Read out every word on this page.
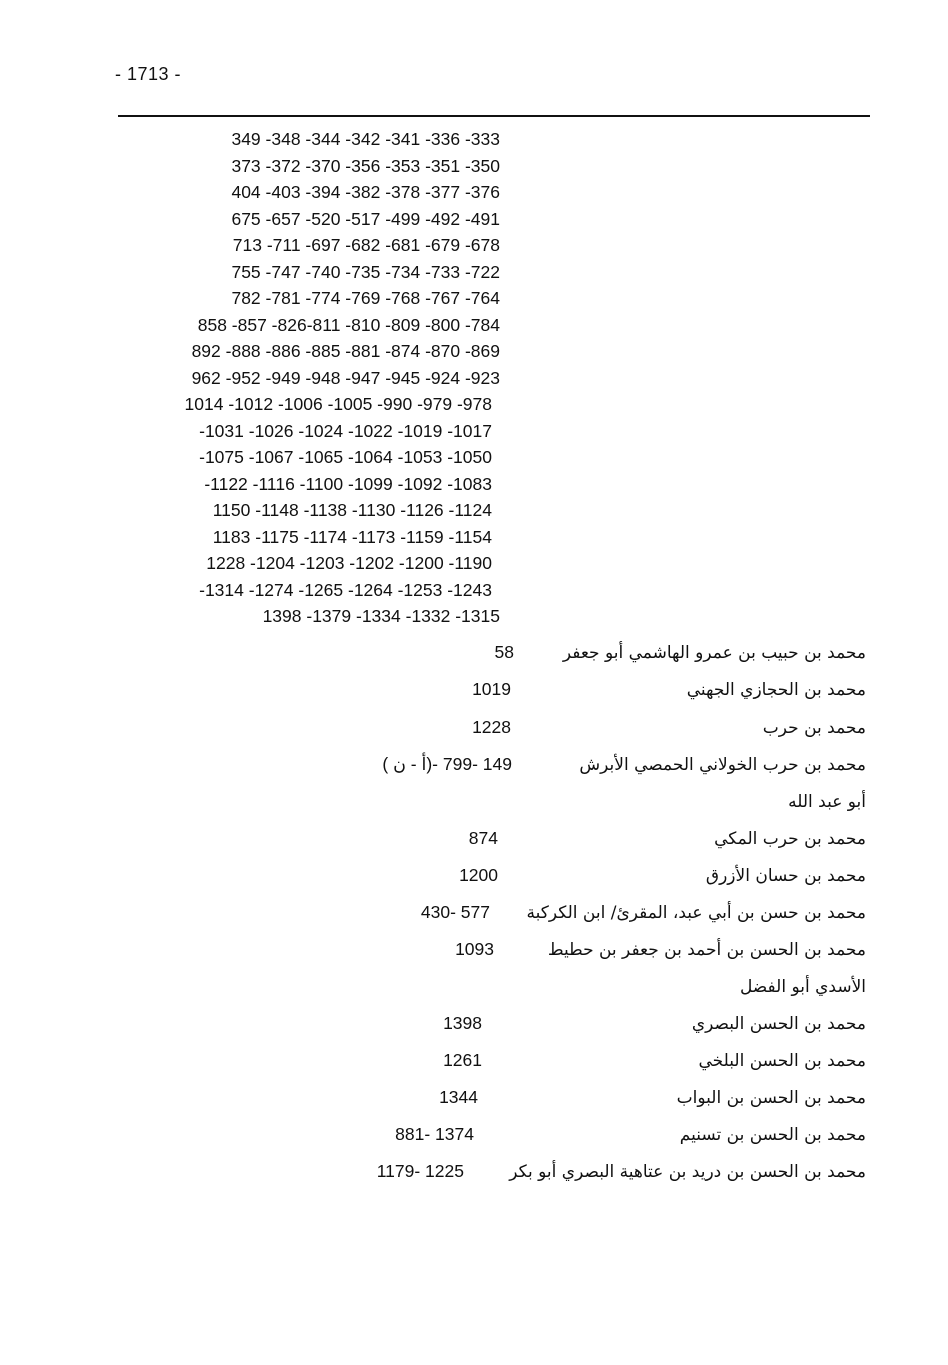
- 1713 -
349 -348 -344 -342 -341 -336 -333
373 -372 -370 -356 -353 -351 -350
404 -403 -394 -382 -378 -377 -376
675 -657 -520 -517 -499 -492 -491
713 -711 -697 -682 -681 -679 -678
755 -747 -740 -735 -734 -733 -722
782 -781 -774 -769 -768 -767 -764
858 -857 -826-811 -810 -809 -800 -784
892 -888 -886 -885 -881 -874 -870 -869
962 -952 -949 -948 -947 -945 -924 -923
1014 -1012 -1006 -1005 -990 -979 -978
-1031 -1026 -1024 -1022 -1019 -1017
-1075 -1067 -1065 -1064 -1053 -1050
-1122 -1116 -1100 -1099 -1092 -1083
1150 -1148 -1138 -1130 -1126 -1124
1183 -1175 -1174 -1173 -1159 -1154
1228 -1204 -1203 -1202 -1200 -1190
-1314 -1274 -1265 -1264 -1253 -1243
1398 -1379 -1334 -1332 -1315
محمد بن حبيب بن عمرو الهاشمي أبو جعفر
58
محمد بن الحجازي الجهني
1019
محمد بن حرب
1228
محمد بن حرب الخولاني الحمصي الأبرش
( أ - ن)- 149 -799
أبو عبد الله
محمد بن حرب المكي
874
محمد بن حسان الأزرق
1200
محمد بن حسن بن أبي عبد، المقرئ/ ابن الكركبة
430- 577
محمد بن الحسن بن أحمد بن جعفر بن حطيط
1093
الأسدي أبو الفضل
محمد بن الحسن البصري
1398
محمد بن الحسن البلخي
1261
محمد بن الحسن بن البواب
1344
محمد بن الحسن بن تسنيم
881- 1374
محمد بن الحسن بن دريد بن عتاهية البصري أبو بكر
1179- 1225
